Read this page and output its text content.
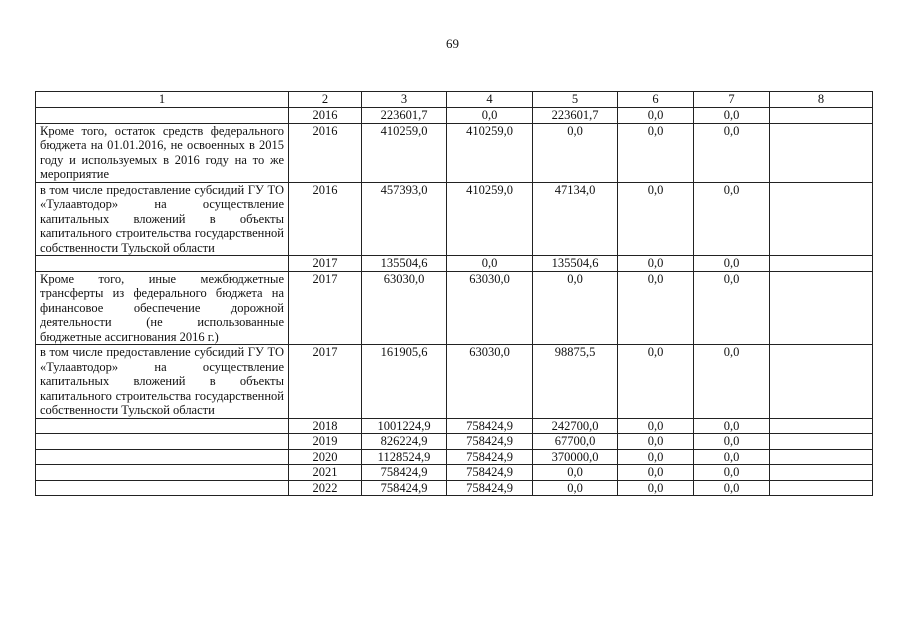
69
1	2	3	4	5	6	7	8
	2016	223601,7	0,0	223601,7	0,0	0,0	
Кроме того, остаток средств федерального бюджета на 01.01.2016, не освоенных в 2015 году и используемых в 2016 году на то же мероприятие	2016	410259,0	410259,0	0,0	0,0	0,0	
в том числе предоставление субсидий ГУ ТО «Тулаавтодор» на осуществление капитальных вложений в объекты капитального строительства государственной собственности Тульской области	2016	457393,0	410259,0	47134,0	0,0	0,0	
	2017	135504,6	0,0	135504,6	0,0	0,0	
Кроме того, иные межбюджетные трансферты из федерального бюджета на финансовое обеспечение дорожной деятельности (не использованные бюджетные ассигнования 2016 г.)	2017	63030,0	63030,0	0,0	0,0	0,0	
в том числе предоставление субсидий ГУ ТО «Тулаавтодор» на осуществление капитальных вложений в объекты капитального строительства государственной собственности Тульской области	2017	161905,6	63030,0	98875,5	0,0	0,0	
	2018	1001224,9	758424,9	242700,0	0,0	0,0	
	2019	826224,9	758424,9	67700,0	0,0	0,0	
	2020	1128524,9	758424,9	370000,0	0,0	0,0	
	2021	758424,9	758424,9	0,0	0,0	0,0	
	2022	758424,9	758424,9	0,0	0,0	0,0	
